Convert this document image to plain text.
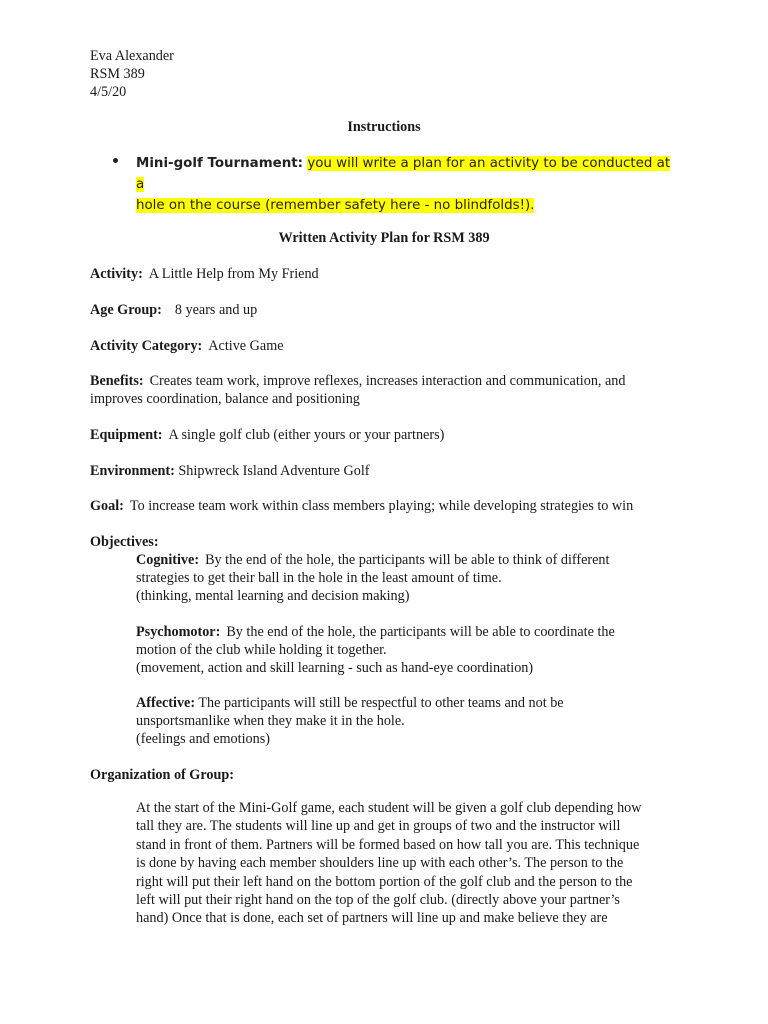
Eva Alexander
RSM 389
4/5/20
Instructions
Mini-golf Tournament: you will write a plan for an activity to be conducted at a
hole on the course (remember safety here - no blindfolds!).
Written Activity Plan for RSM 389
Activity: A Little Help from My Friend
Age Group: 8 years and up
Activity Category: Active Game
Benefits: Creates team work, improve reflexes, increases interaction and communication, and
improves coordination, balance and positioning
Equipment: A single golf club (either yours or your partners)
Environment: Shipwreck Island Adventure Golf
Goal: To increase team work within class members playing; while developing strategies to win
Objectives:
Cognitive: By the end of the hole, the participants will be able to think of different
strategies to get their ball in the hole in the least amount of time.
(thinking, mental learning and decision making)
Psychomotor: By the end of the hole, the participants will be able to coordinate the
motion of the club while holding it together.
(movement, action and skill learning - such as hand-eye coordination)
Affective: The participants will still be respectful to other teams and not be
unsportsmanlike when they make it in the hole.
(feelings and emotions)
Organization of Group:
At the start of the Mini-Golf game, each student will be given a golf club depending how
tall they are. The students will line up and get in groups of two and the instructor will
stand in front of them. Partners will be formed based on how tall you are. This technique
is done by having each member shoulders line up with each other’s. The person to the
right will put their left hand on the bottom portion of the golf club and the person to the
left will put their right hand on the top of the golf club. (directly above your partner’s
hand) Once that is done, each set of partners will line up and make believe they are
